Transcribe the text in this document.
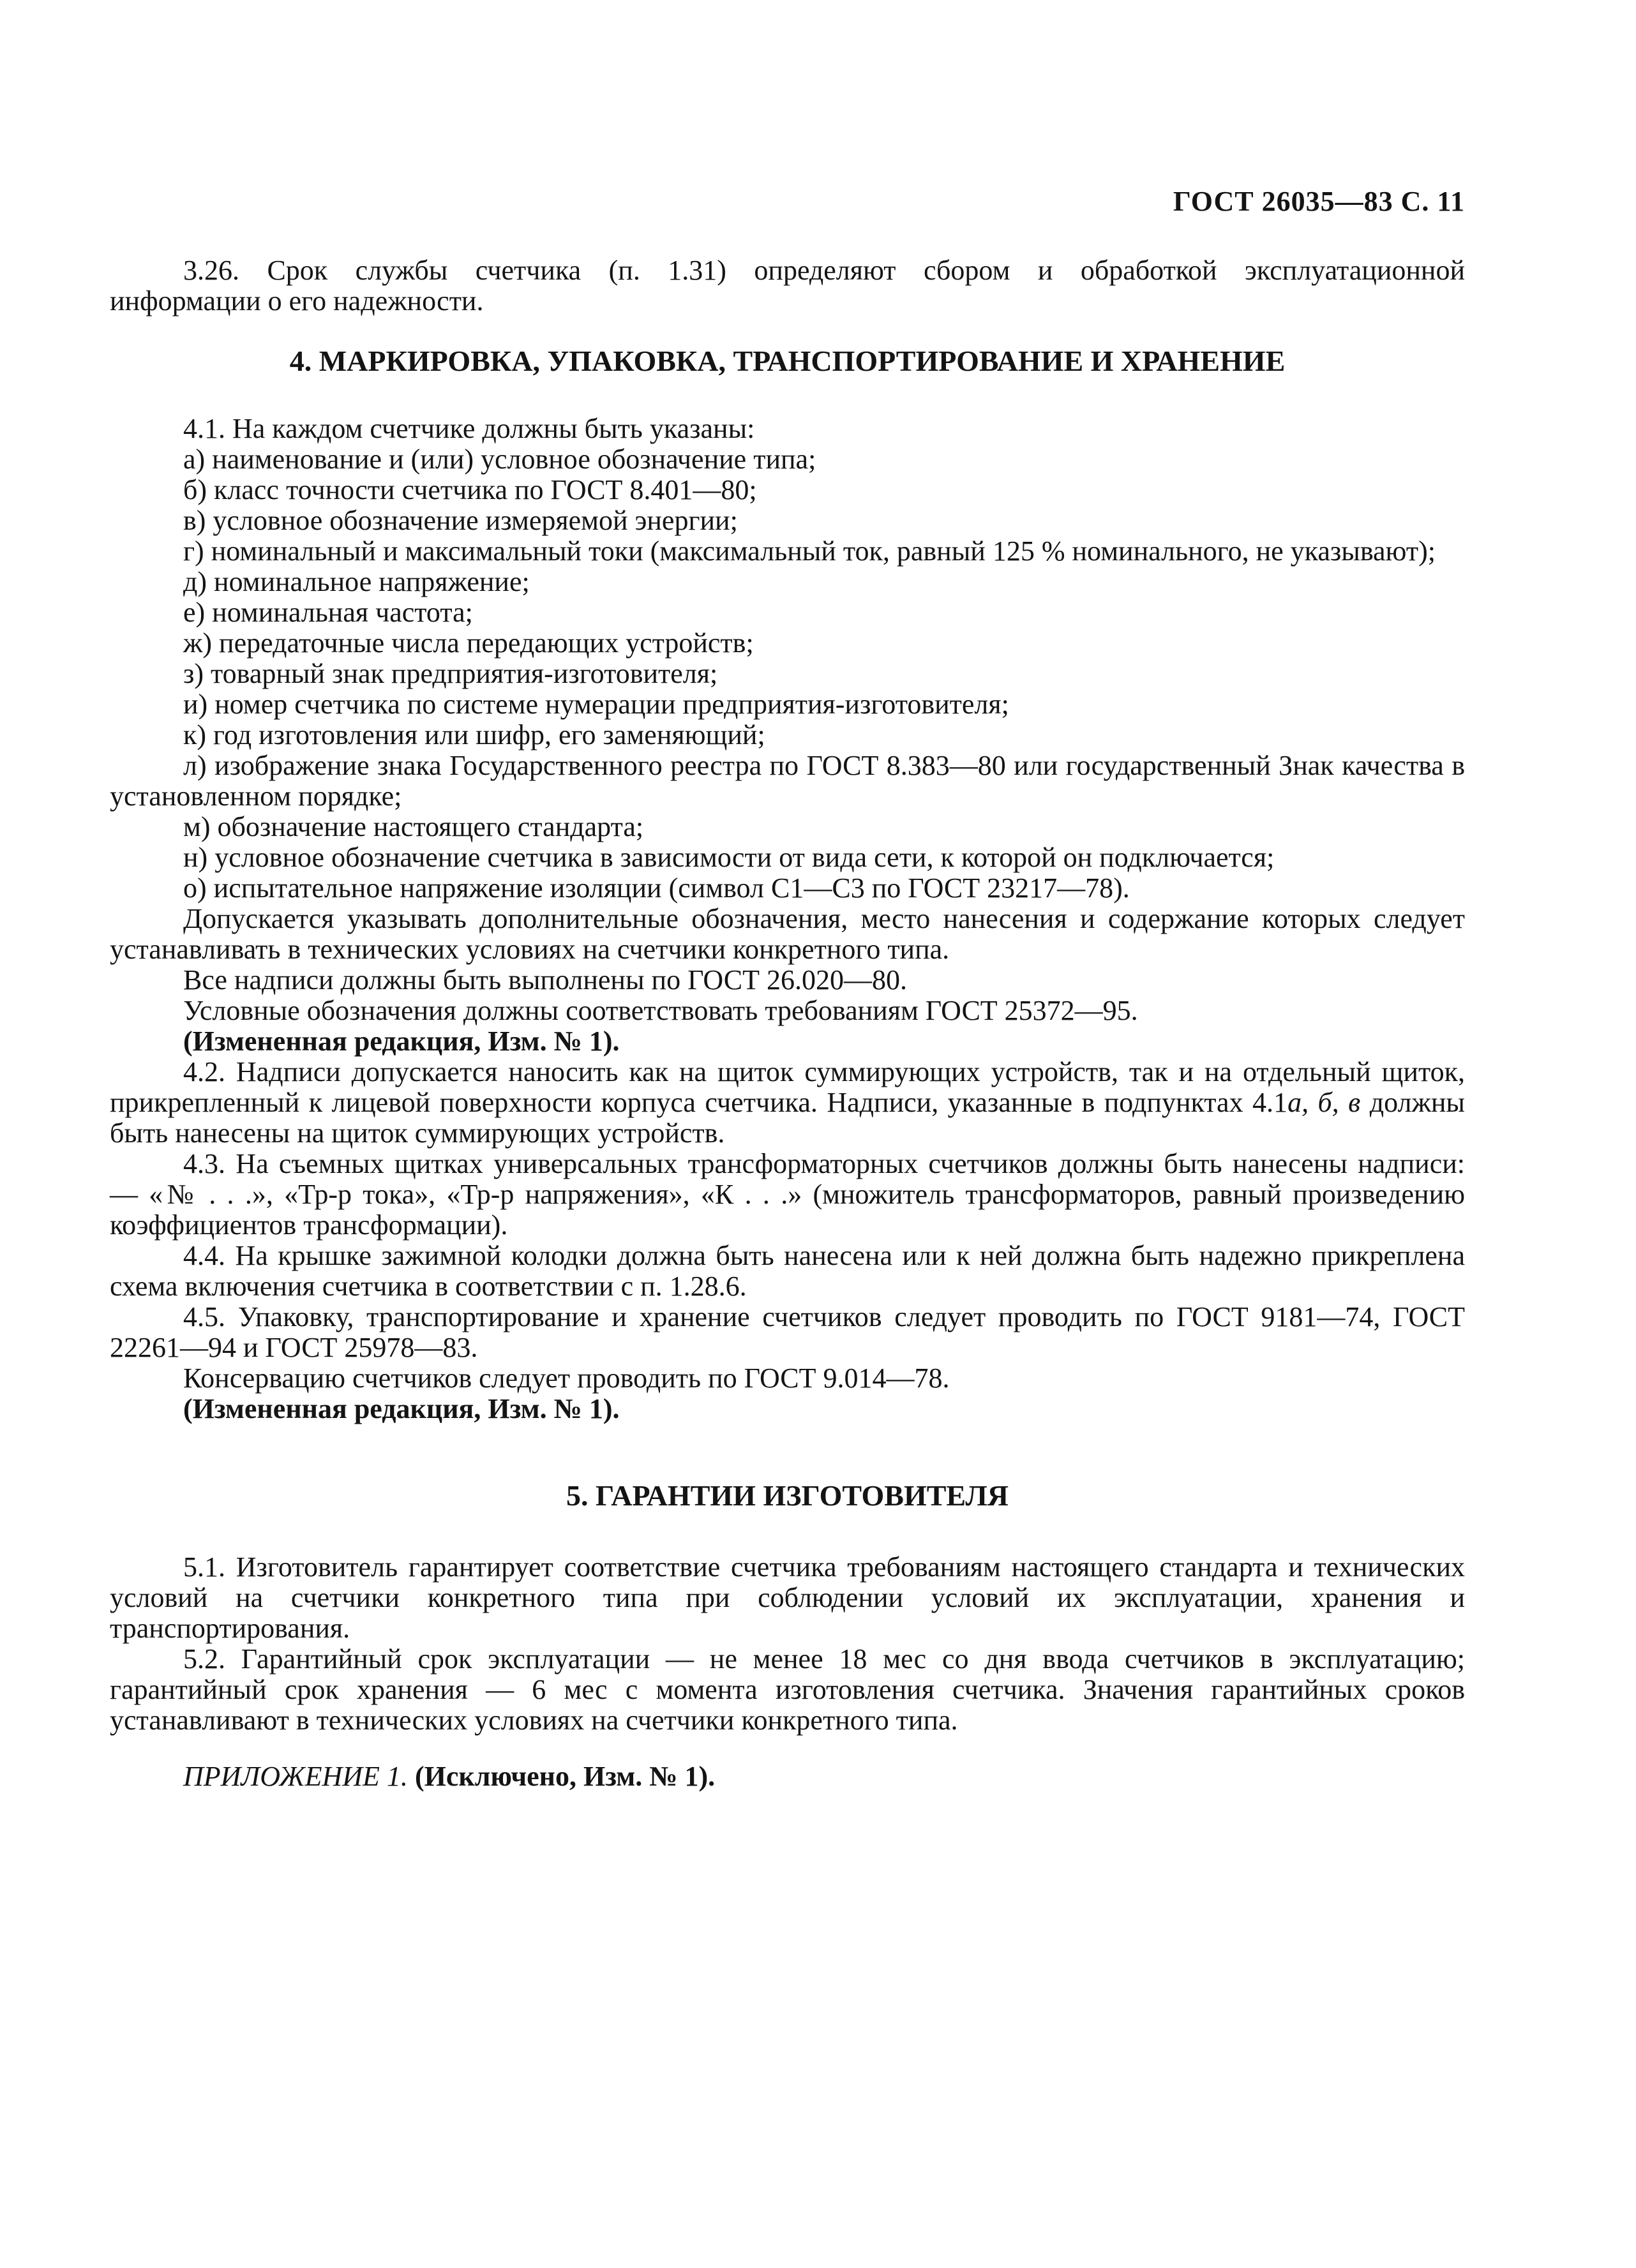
ГОСТ 26035—83 С. 11

3.26. Срок службы счетчика (п. 1.31) определяют сбором и обработкой эксплуатационной

информации о его надежности.

4. МАРКИРОВКА, УПАКОВКА, ТРАНСПОРТИРОВАНИЕ И ХРАНЕНИЕ

4.1. На каждом счетчике должны быть указаны:

а) наименование и (или) условное обозначение типа;

б) класс точности счетчика по ГОСТ 8.401—80;

в) условное обозначение измеряемой энергии;

г) номинальный и максимальный токи (максимальный ток, равный 125 % номинального, не указывают);

д) номинальное напряжение;

е) номинальная частота;

ж) передаточные числа передающих устройств;

з) товарный знак предприятия-изготовителя;

и) номер счетчика по системе нумерации предприятия-изготовителя;

к) год изготовления или шифр, его заменяющий;

л) изображение знака Государственного реестра по ГОСТ 8.383—80 или государственный Знак качества в установленном порядке;

м) обозначение настоящего стандарта;

н) условное обозначение счетчика в зависимости от вида сети, к которой он подключается;

о) испытательное напряжение изоляции (символ С1—С3 по ГОСТ 23217—78).

Допускается указывать дополнительные обозначения, место нанесения и содержание которых следует устанавливать в технических условиях на счетчики конкретного типа.

Все надписи должны быть выполнены по ГОСТ 26.020—80.

Условные обозначения должны соответствовать требованиям ГОСТ 25372—95.

(Измененная редакция, Изм. № 1).

4.2. Надписи допускается наносить как на щиток суммирующих устройств, так и на отдельный щиток, прикрепленный к лицевой поверхности корпуса счетчика. Надписи, указанные в подпунктах 4.1а, б, в должны быть нанесены на щиток суммирующих устройств.

4.3. На съемных щитках универсальных трансформаторных счетчиков должны быть нанесены надписи: — «№ . . .», «Тр-р тока», «Тр-р напряжения», «К . . .» (множитель трансформаторов, равный произведению коэффициентов трансформации).

4.4. На крышке зажимной колодки должна быть нанесена или к ней должна быть надежно прикреплена схема включения счетчика в соответствии с п. 1.28.6.

4.5. Упаковку, транспортирование и хранение счетчиков следует проводить по ГОСТ 9181—74, ГОСТ 22261—94 и ГОСТ 25978—83.

Консервацию счетчиков следует проводить по ГОСТ 9.014—78.

(Измененная редакция, Изм. № 1).

5. ГАРАНТИИ ИЗГОТОВИТЕЛЯ

5.1. Изготовитель гарантирует соответствие счетчика требованиям настоящего стандарта и технических условий на счетчики конкретного типа при соблюдении условий их эксплуатации, хранения и транспортирования.

5.2. Гарантийный срок эксплуатации — не менее 18 мес со дня ввода счетчиков в эксплуатацию; гарантийный срок хранения — 6 мес с момента изготовления счетчика. Значения гарантийных сроков устанавливают в технических условиях на счетчики конкретного типа.

ПРИЛОЖЕНИЕ 1. (Исключено, Изм. № 1).
